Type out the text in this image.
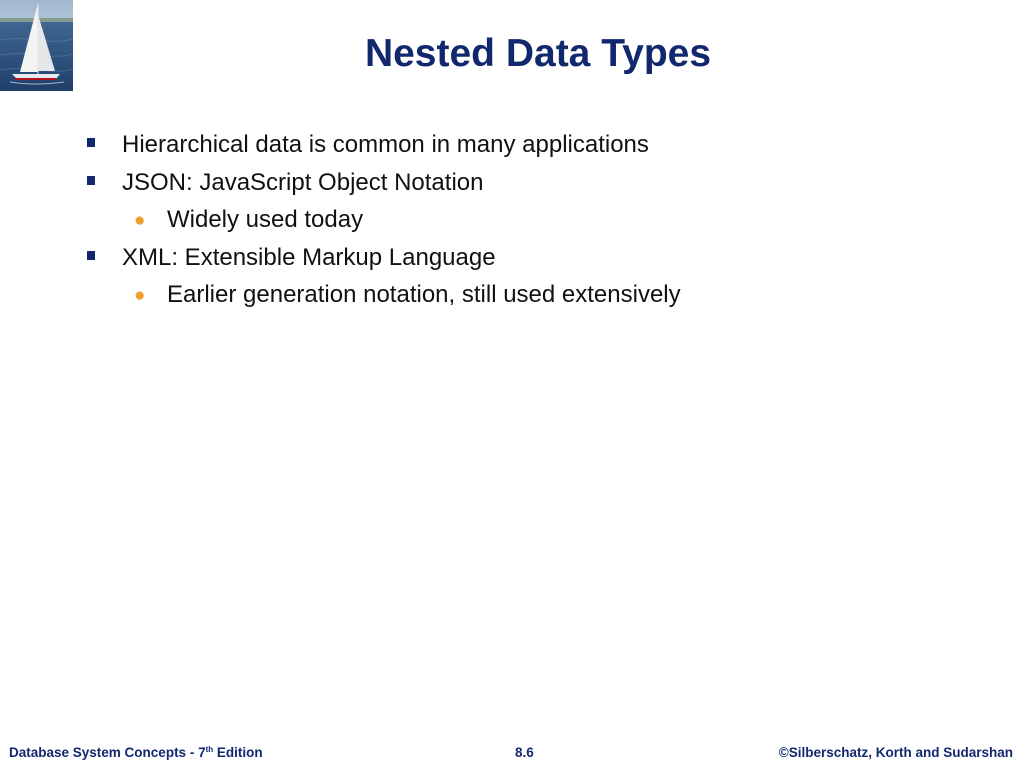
Nested Data Types
Hierarchical data is common in many applications
JSON: JavaScript Object Notation
● Widely used today
XML: Extensible Markup Language
● Earlier generation notation, still used extensively
Database System Concepts - 7th Edition	8.6	©Silberschatz, Korth and Sudarshan
